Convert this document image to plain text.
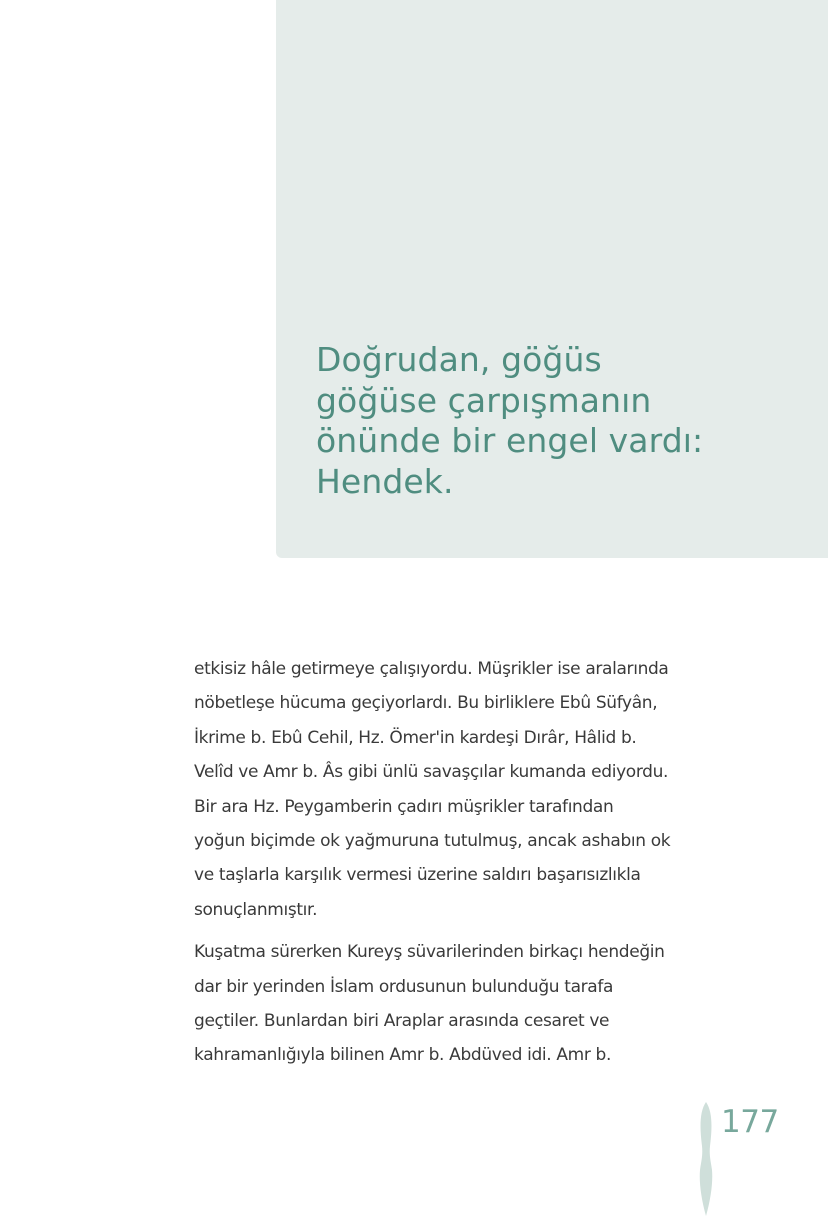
Doğrudan, göğüs
göğüse çarpışmanın
önünde bir engel vardı:
Hendek.

etkisiz hâle getirmeye çalışıyordu. Müşrikler ise aralarında
nöbetleşe hücuma geçiyorlardı. Bu birliklere Ebû Süfyân,
İkrime b. Ebû Cehil, Hz. Ömer'in kardeşi Dırâr, Hâlid b.
Velîd ve Amr b. Âs gibi ünlü savaşçılar kumanda ediyordu.
Bir ara Hz. Peygamberin çadırı müşrikler tarafından
yoğun biçimde ok yağmuruna tutulmuş, ancak ashabın ok
ve taşlarla karşılık vermesi üzerine saldırı başarısızlıkla
sonuçlanmıştır.

Kuşatma sürerken Kureyş süvarilerinden birkaçı hendeğin
dar bir yerinden İslam ordusunun bulunduğu tarafa
geçtiler. Bunlardan biri Araplar arasında cesaret ve
kahramanlığıyla bilinen Amr b. Abdüved idi. Amr b.

177
